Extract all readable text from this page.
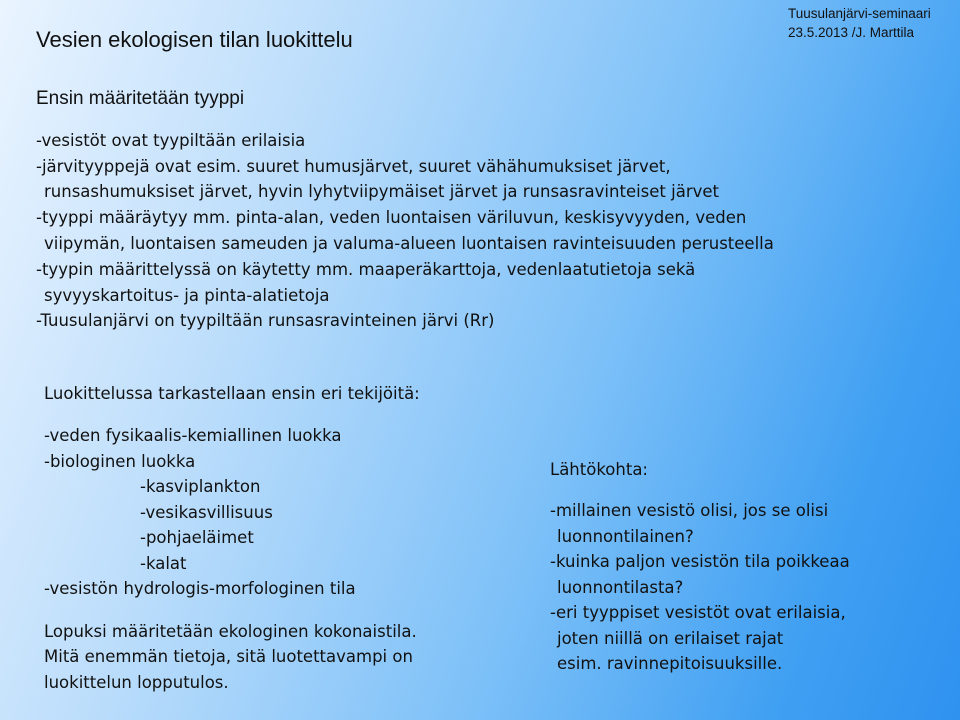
Vesien ekologisen tilan luokittelu
Tuusulanjärvi-seminaari
23.5.2013 /J. Marttila
Ensin määritetään tyyppi
-vesistöt ovat tyypiltään erilaisia
-järvityyppejä ovat esim. suuret humusjärvet, suuret vähähumuksiset järvet,
runsashumuksiset järvet, hyvin lyhytviipymäiset järvet ja runsasravinteiset järvet
-tyyppi määräytyy mm. pinta-alan, veden luontaisen väriluvun, keskisyvyyden, veden
viipymän, luontaisen sameuden ja valuma-alueen luontaisen ravinteisuuden perusteella
-tyypin määrittelyssä on käytetty mm. maaperäkarttoja, vedenlaatutietoja sekä
syvyyskartoitus- ja pinta-alatietoja
-Tuusulanjärvi on tyypiltään runsasravinteinen järvi (Rr)
Luokittelussa tarkastellaan ensin eri tekijöitä:
-veden fysikaalis-kemiallinen luokka
-biologinen luokka
-kasviplankton
-vesikasvillisuus
-pohjaeläimet
-kalat
-vesistön hydrologis-morfologinen tila
Lopuksi määritetään ekologinen kokonaistila.
Mitä enemmän tietoja, sitä luotettavampi on
luokittelun lopputulos.
Lähtökohta:
-millainen vesistö olisi, jos se olisi
luonnontilainen?
-kuinka paljon vesistön tila poikkeaa
luonnontilasta?
-eri tyyppiset vesistöt ovat erilaisia,
joten niillä on erilaiset rajat
esim. ravinnepitoisuuksille.
